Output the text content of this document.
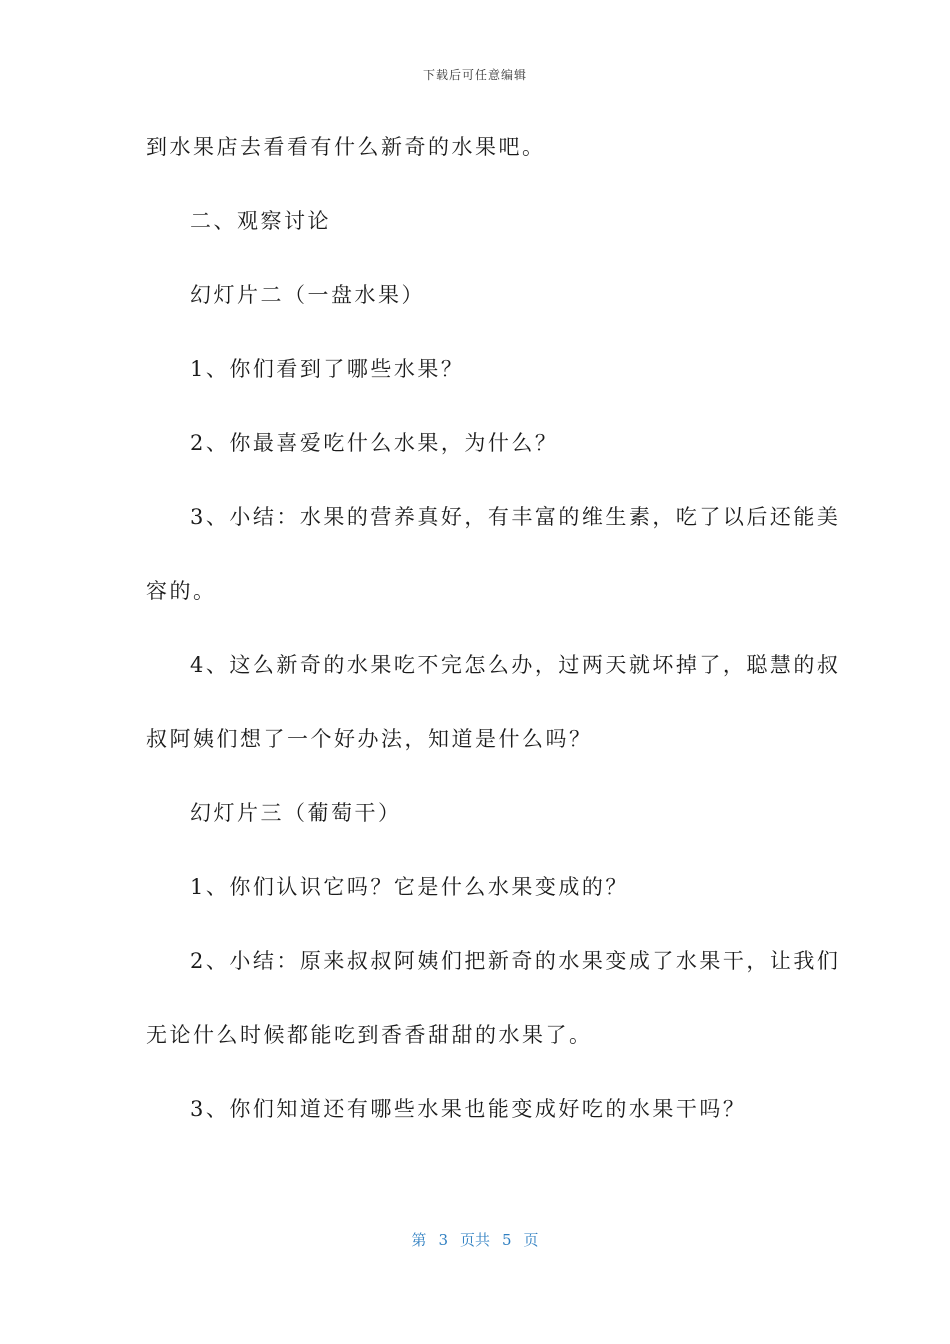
下载后可任意编辑
到水果店去看看有什么新奇的水果吧。
二、观察讨论
幻灯片二（一盘水果）
1、你们看到了哪些水果？
2、你最喜爱吃什么水果，为什么？
3、小结：水果的营养真好，有丰富的维生素，吃了以后还能美
容的。
4、这么新奇的水果吃不完怎么办，过两天就坏掉了，聪慧的叔
叔阿姨们想了一个好办法，知道是什么吗？
幻灯片三（葡萄干）
1、你们认识它吗？它是什么水果变成的？
2、小结：原来叔叔阿姨们把新奇的水果变成了水果干，让我们
无论什么时候都能吃到香香甜甜的水果了。
3、你们知道还有哪些水果也能变成好吃的水果干吗？
第 3 页共 5 页
